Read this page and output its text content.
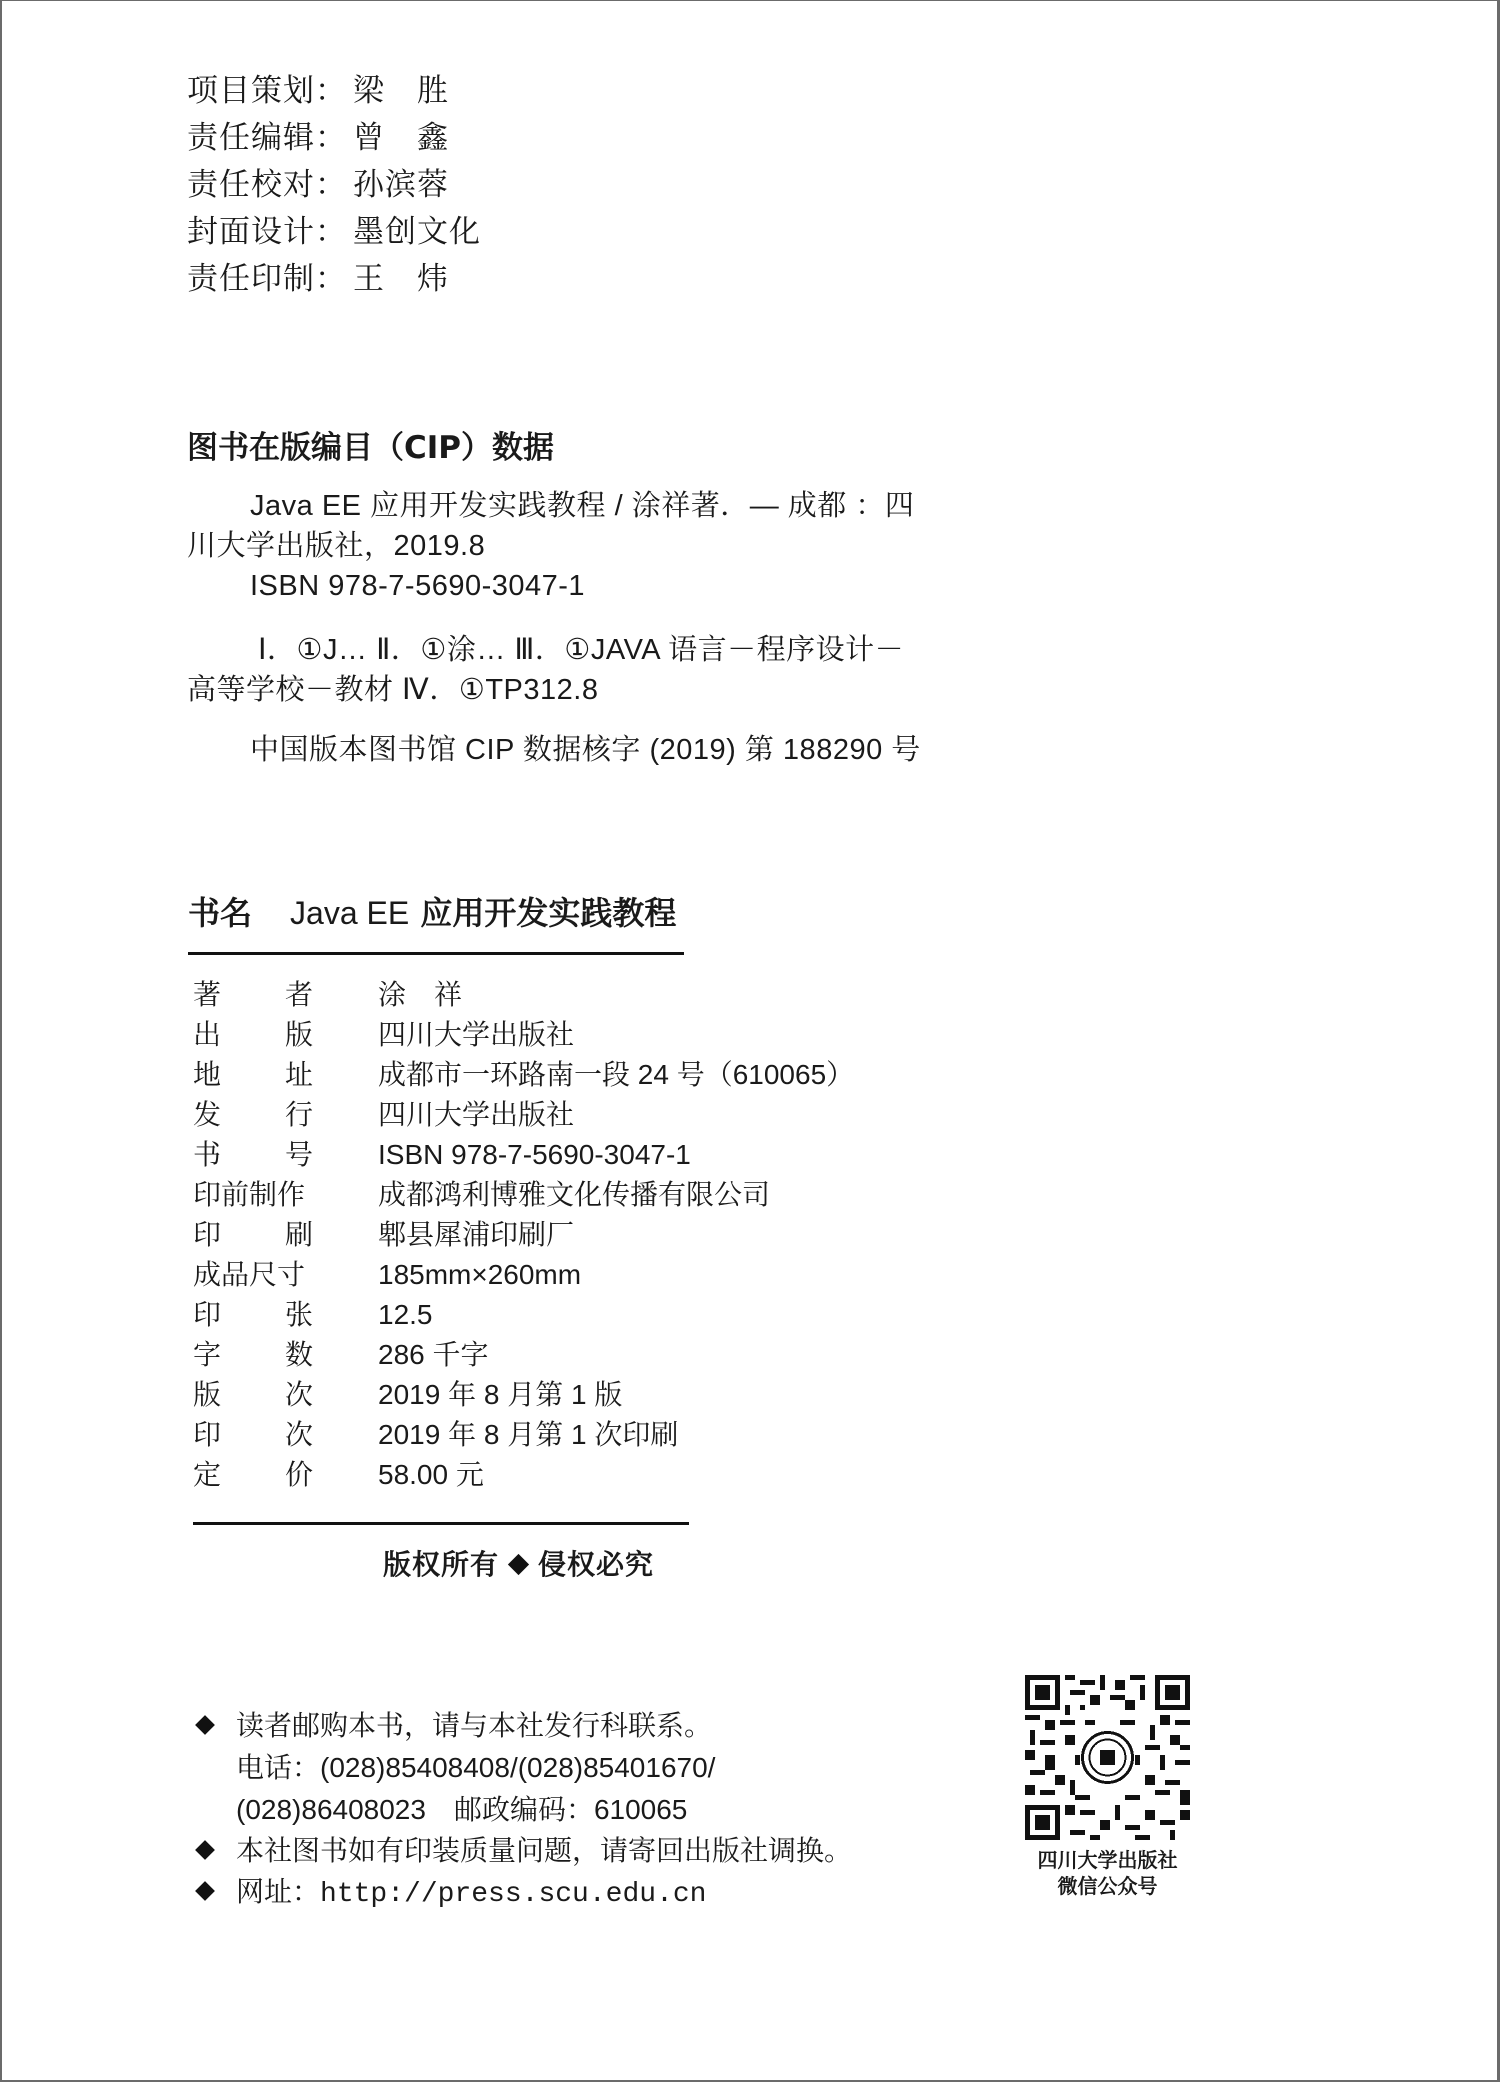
项目策划： 梁　胜
责任编辑： 曾　鑫
责任校对： 孙滨蓉
封面设计： 墨创文化
责任印制： 王　炜
图书在版编目（CIP）数据
Java EE 应用开发实践教程 / 涂祥著．— 成都 ：四
川大学出版社，2019.8
ISBN 978-7-5690-3047-1
Ⅰ．①J… Ⅱ．①涂… Ⅲ．①JAVA 语言－程序设计－
高等学校－教材 Ⅳ．①TP312.8
中国版本图书馆 CIP 数据核字 (2019) 第 188290 号
书名 Java EE 应用开发实践教程
著 者 涂　祥
出 版 四川大学出版社
地 址 成都市一环路南一段 24 号（610065）
发 行 四川大学出版社
书 号 ISBN 978-7-5690-3047-1
印前制作	成都鸿利博雅文化传播有限公司
印 刷 郫县犀浦印刷厂
成品尺寸	185mm×260mm
印 张 12.5
字 数 286 千字
版 次 2019 年 8 月第 1 版
印 次 2019 年 8 月第 1 次印刷
定 价 58.00 元
版权所有 侵权必究
读者邮购本书，请与本社发行科联系。
电话：(028)85408408/(028)85401670/
(028)86408023　邮政编码：610065
本社图书如有印装质量问题，请寄回出版社调换。
网址：http://press.scu.edu.cn
四川大学出版社
微信公众号
